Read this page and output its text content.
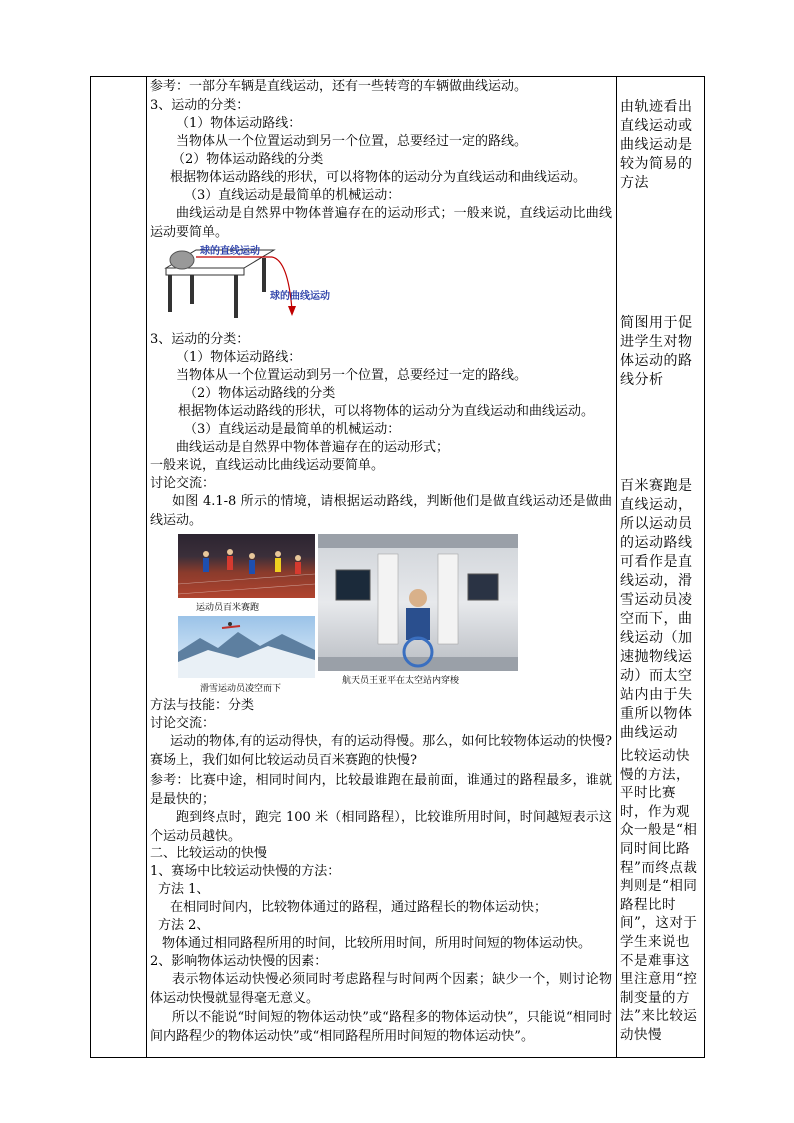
参考：一部分车辆是直线运动，还有一些转弯的车辆做曲线运动。
3、运动的分类：
（1）物体运动路线：
当物体从一个位置运动到另一个位置，总要经过一定的路线。
（2）物体运动路线的分类
根据物体运动路线的形状，可以将物体的运动分为直线运动和曲线运动。
（3）直线运动是最简单的机械运动：
曲线运动是自然界中物体普遍存在的运动形式；一般来说，直线运动比曲线运动要简单。
球的直线运动
球的曲线运动
3、运动的分类：
（1）物体运动路线：
当物体从一个位置运动到另一个位置，总要经过一定的路线。
（2）物体运动路线的分类
根据物体运动路线的形状，可以将物体的运动分为直线运动和曲线运动。
（3）直线运动是最简单的机械运动：
曲线运动是自然界中物体普遍存在的运动形式；
一般来说，直线运动比曲线运动要简单。
讨论交流：
如图 4.1-8 所示的情境，请根据运动路线，判断他们是做直线运动还是做曲线运动。
运动员百米赛跑
滑雪运动员凌空而下
航天员王亚平在太空站内穿梭
方法与技能：分类
讨论交流：
运动的物体,有的运动得快，有的运动得慢。那么，如何比较物体运动的快慢?赛场上，我们如何比较运动员百米赛跑的快慢?
参考：比赛中途，相同时间内，比较最谁跑在最前面，谁通过的路程最多，谁就是最快的；
跑到终点时，跑完 100 米（相同路程），比较谁所用时间，时间越短表示这个运动员越快。
二、比较运动的快慢
1、赛场中比较运动快慢的方法：
方法 1、
在相同时间内，比较物体通过的路程，通过路程长的物体运动快；
方法 2、
物体通过相同路程所用的时间，比较所用时间，所用时间短的物体运动快。
2、影响物体运动快慢的因素：
表示物体运动快慢必须同时考虑路程与时间两个因素；缺少一个，则讨论物体运动快慢就显得毫无意义。
所以不能说“时间短的物体运动快”或“路程多的物体运动快”，只能说“相同时间内路程少的物体运动快”或“相同路程所用时间短的物体运动快”。
由轨迹看出直线运动或曲线运动是较为简易的方法
简图用于促进学生对物体运动的路线分析
百米赛跑是直线运动，所以运动员的运动路线可看作是直线运动，滑雪运动员凌空而下，曲线运动（加速抛物线运动）而太空站内由于失重所以物体曲线运动
比较运动快慢的方法，平时比赛时，作为观众一般是“相同时间比路程”而终点裁判则是“相同路程比时间”，这对于学生来说也不是难事这里注意用“控制变量的方法”来比较运动快慢
